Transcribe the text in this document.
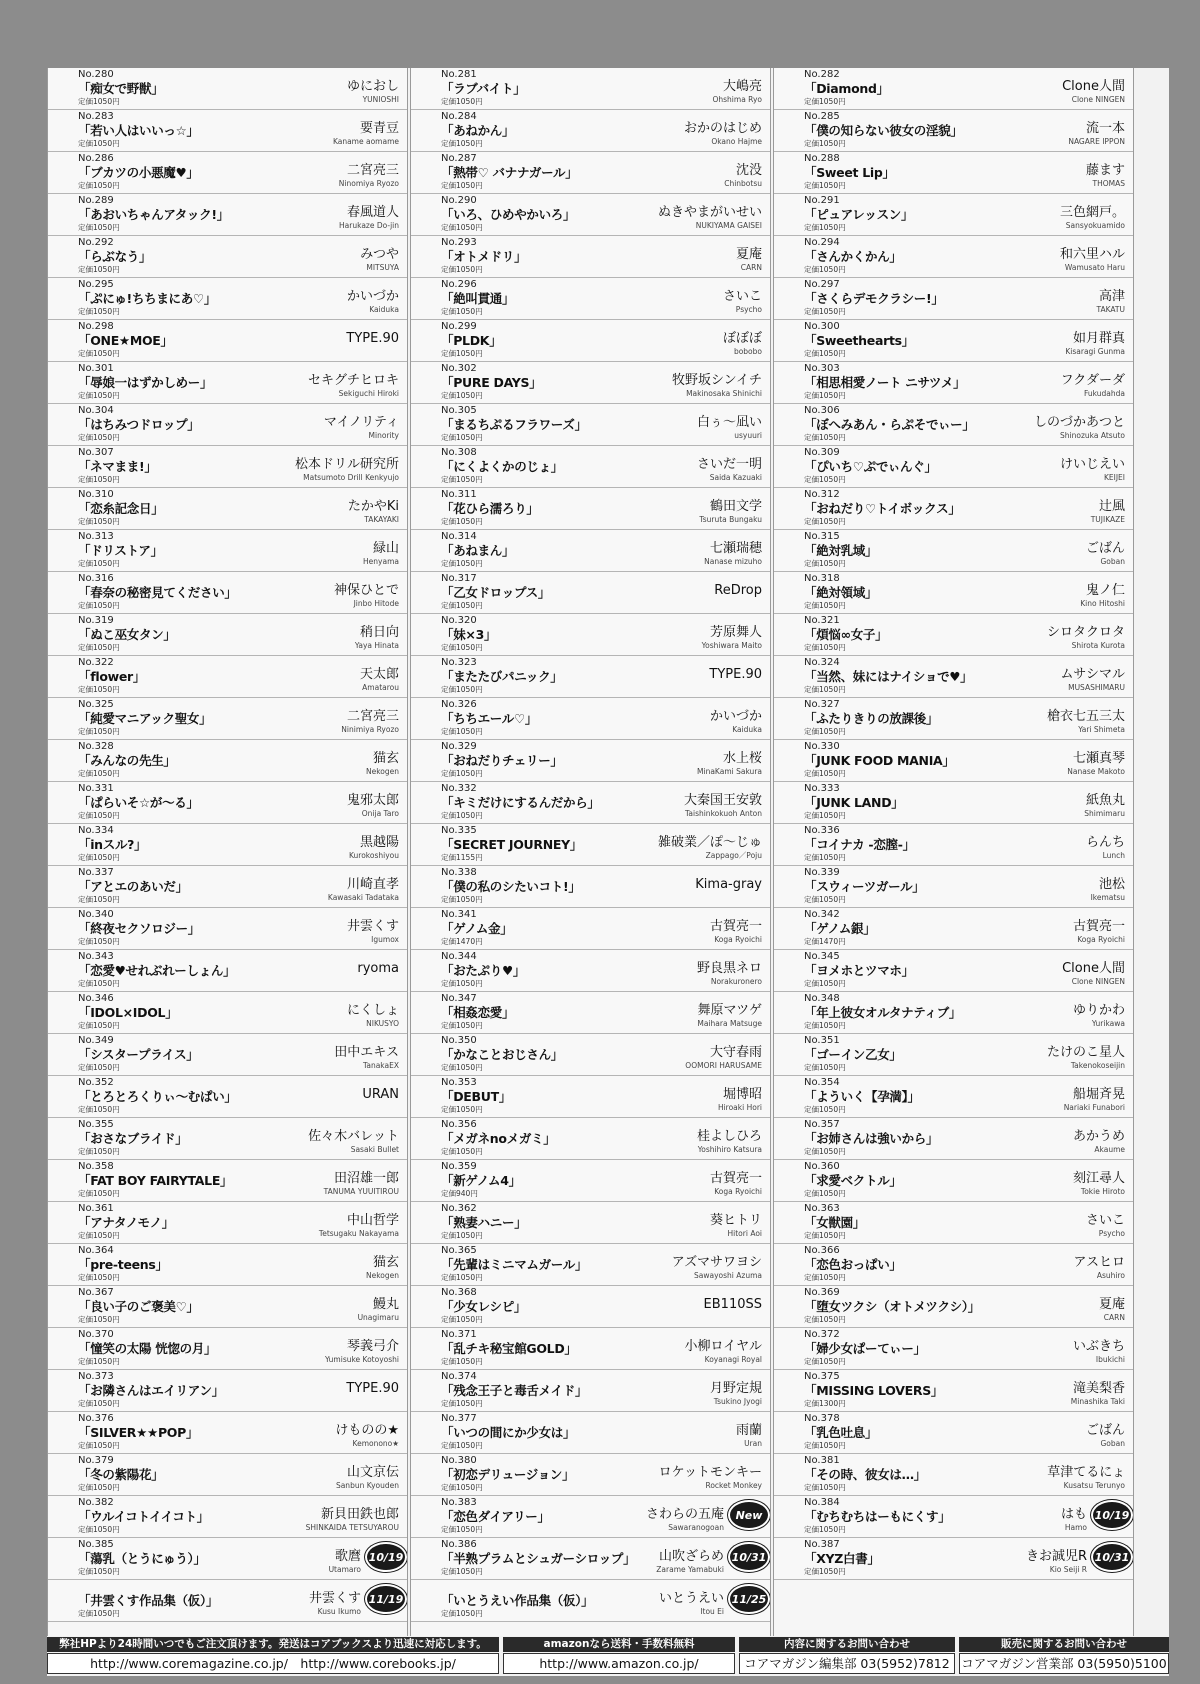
No.280
「痴女で野獣」
定価1050円
ゆにおし
YUNIOSHI
No.283
「若い人はいいっ☆」
定価1050円
要青豆
Kaname aomame
No.286
「ブカツの小悪魔♥」
定価1050円
二宮亮三
Ninomiya Ryozo
No.289
「あおいちゃんアタック!」
定価1050円
春風道人
Harukaze Do-jin
No.292
「らぶなう」
定価1050円
みつや
MITSUYA
No.295
「ぷにゅ!ちちまにあ♡」
定価1050円
かいづか
Kaiduka
No.298
「ONE★MOE」
定価1050円
TYPE.90
No.301
「辱娘一はずかしめー」
定価1050円
セキグチヒロキ
Sekiguchi Hiroki
No.304
「はちみつドロップ」
定価1050円
マイノリティ
Minority
No.307
「ネマまま!」
定価1050円
松本ドリル研究所
Matsumoto Drill Kenkyujo
No.310
「恋糸記念日」
定価1050円
たかやKi
TAKAYAKI
No.313
「ドリストア」
定価1050円
緑山
Henyama
No.316
「春奈の秘密見てください」
定価1050円
神保ひとで
Jinbo Hitode
No.319
「ぬこ巫女タン」
定価1050円
稍日向
Yaya Hinata
No.322
「flower」
定価1050円
天太郎
Amatarou
No.325
「純愛マニアック聖女」
定価1050円
二宮亮三
Ninimiya Ryozo
No.328
「みんなの先生」
定価1050円
猫玄
Nekogen
No.331
「ぱらいそ☆が～る」
定価1050円
鬼邪太郎
Onija Taro
No.334
「inスル?」
定価1050円
黒越陽
Kurokoshiyou
No.337
「アとエのあいだ」
定価1050円
川崎直孝
Kawasaki Tadataka
No.340
「終夜セクソロジー」
定価1050円
井雲くす
Igumox
No.343
「恋愛♥せれぶれーしょん」
定価1050円
ryoma
No.346
「IDOL×IDOL」
定価1050円
にくしょ
NIKUSYO
No.349
「シスタープライス」
定価1050円
田中エキス
TanakaEX
No.352
「とろとろくりぃ～むぱい」
定価1050円
URAN
No.355
「おさなブライド」
定価1050円
佐々木バレット
Sasaki Bullet
No.358
「FAT BOY FAIRYTALE」
定価1050円
田沼雄一郎
TANUMA YUUITIROU
No.361
「アナタノモノ」
定価1050円
中山哲学
Tetsugaku Nakayama
No.364
「pre-teens」
定価1050円
猫玄
Nekogen
No.367
「良い子のご褒美♡」
定価1050円
鰻丸
Unagimaru
No.370
「憧笑の太陽 恍惚の月」
定価1050円
琴義弓介
Yumisuke Kotoyoshi
No.373
「お隣さんはエイリアン」
定価1050円
TYPE.90
No.376
「SILVER★★POP」
定価1050円
けものの★
Kemonono★
No.379
「冬の紫陽花」
定価1050円
山文京伝
Sanbun Kyouden
No.382
「ウルイコトイイコト」
定価1050円
新貝田鉄也郎
SHINKAIDA TETSUYAROU
No.385
「蕩乳（とうにゅう）」
定価1050円
歌麿
Utamaro
10/19
「井雲くす作品集（仮）」
定価1050円
井雲くす
Kusu Ikumo
11/19
No.281
「ラブバイト」
定価1050円
大嶋亮
Ohshima Ryo
No.284
「あねかん」
定価1050円
おかのはじめ
Okano Hajme
No.287
「熱帯♡ バナナガール」
定価1050円
沈没
Chinbotsu
No.290
「いろ、ひめやかいろ」
定価1050円
ぬきやまがいせい
NUKIYAMA GAISEI
No.293
「オトメドリ」
定価1050円
夏庵
CARN
No.296
「絶叫貫通」
定価1050円
さいこ
Psycho
No.299
「PLDK」
定価1050円
ぼぼぼ
bobobo
No.302
「PURE DAYS」
定価1050円
牧野坂シンイチ
Makinosaka Shinichi
No.305
「まるちぷるフラワーズ」
定価1050円
白ぅ～凪い
usyuuri
No.308
「にくよくかのじょ」
定価1050円
さいだ一明
Saida Kazuaki
No.311
「花ひら濡ろり」
定価1050円
鶴田文学
Tsuruta Bungaku
No.314
「あねまん」
定価1050円
七瀬瑞穂
Nanase mizuho
No.317
「乙女ドロップス」
定価1050円
ReDrop
No.320
「妹×3」
定価1050円
芳原舞人
Yoshiwara Maito
No.323
「またたびパニック」
定価1050円
TYPE.90
No.326
「ちちエール♡」
定価1050円
かいづか
Kaiduka
No.329
「おねだりチェリー」
定価1050円
水上桜
MinaKami Sakura
No.332
「キミだけにするんだから」
定価1050円
大秦国王安敦
Taishinkokuoh Anton
No.335
「SECRET JOURNEY」
定価1155円
雑破業／ぽ～じゅ
Zappago／Poju
No.338
「僕の私のシたいコト!」
定価1050円
Kima-gray
No.341
「ゲノム金」
定価1470円
古賀亮一
Koga Ryoichi
No.344
「おたぷり♥」
定価1050円
野良黒ネロ
Norakuronero
No.347
「相姦恋愛」
定価1050円
舞原マツゲ
Maihara Matsuge
No.350
「かなことおじさん」
定価1050円
大守春雨
OOMORI HARUSAME
No.353
「DEBUT」
定価1050円
堀博昭
Hiroaki Hori
No.356
「メガネnoメガミ」
定価1050円
桂よしひろ
Yoshihiro Katsura
No.359
「新ゲノム4」
定価940円
古賀亮一
Koga Ryoichi
No.362
「熟妻ハニー」
定価1050円
葵ヒトリ
Hitori Aoi
No.365
「先輩はミニマムガール」
定価1050円
アズマサワヨシ
Sawayoshi Azuma
No.368
「少女レシピ」
定価1050円
EB110SS
No.371
「乱チキ秘宝館GOLD」
定価1050円
小柳ロイヤル
Koyanagi Royal
No.374
「残念王子と毒舌メイド」
定価1050円
月野定規
Tsukino Jyogi
No.377
「いつの間にか少女は」
定価1050円
雨蘭
Uran
No.380
「初恋デリュージョン」
定価1050円
ロケットモンキー
Rocket Monkey
No.383
「恋色ダイアリー」
定価1050円
さわらの五庵
Sawaranogoan
New
No.386
「半熟プラムとシュガーシロップ」
定価1050円
山吹ざらめ
Zarame Yamabuki
10/31
「いとうえい作品集（仮）」
定価1050円
いとうえい
Itou Ei
11/25
No.282
「Diamond」
定価1050円
Clone人間
Clone NINGEN
No.285
「僕の知らない彼女の淫貌」
定価1050円
流一本
NAGARE IPPON
No.288
「Sweet Lip」
定価1050円
藤ます
THOMAS
No.291
「ピュアレッスン」
定価1050円
三色網戸。
Sansyokuamido
No.294
「さんかくかん」
定価1050円
和六里ハル
Wamusato Haru
No.297
「さくらデモクラシー!」
定価1050円
高津
TAKATU
No.300
「Sweethearts」
定価1050円
如月群真
Kisaragi Gunma
No.303
「相思相愛ノート ニサツメ」
定価1050円
フクダーダ
Fukudahda
No.306
「ぼへみあん・らぷそでぃー」
定価1050円
しのづかあつと
Shinozuka Atsuto
No.309
「ぴいち♡ぷでぃんぐ」
定価1050円
けいじえい
KEIJEI
No.312
「おねだり♡トイボックス」
定価1050円
辻風
TUJIKAZE
No.315
「絶対乳域」
定価1050円
ごばん
Goban
No.318
「絶対領域」
定価1050円
鬼ノ仁
Kino Hitoshi
No.321
「煩悩∞女子」
定価1050円
シロタクロタ
Shirota Kurota
No.324
「当然、妹にはナイショで♥」
定価1050円
ムサシマル
MUSASHIMARU
No.327
「ふたりきりの放課後」
定価1050円
槍衣七五三太
Yari Shimeta
No.330
「JUNK FOOD MANIA」
定価1050円
七瀬真琴
Nanase Makoto
No.333
「JUNK LAND」
定価1050円
紙魚丸
Shimimaru
No.336
「コイナカ -恋膣-」
定価1050円
らんち
Lunch
No.339
「スウィーツガール」
定価1050円
池松
Ikematsu
No.342
「ゲノム銀」
定価1470円
古賀亮一
Koga Ryoichi
No.345
「ヨメホとツマホ」
定価1050円
Clone人間
Clone NINGEN
No.348
「年上彼女オルタナティブ」
定価1050円
ゆりかわ
Yurikawa
No.351
「ゴーイン乙女」
定価1050円
たけのこ星人
Takenokoseijin
No.354
「よういく【孕満】」
定価1050円
船堀斉晃
Nariaki Funabori
No.357
「お姉さんは強いから」
定価1050円
あかうめ
Akaume
No.360
「求愛ベクトル」
定価1050円
刻江尋人
Tokie Hiroto
No.363
「女獣園」
定価1050円
さいこ
Psycho
No.366
「恋色おっぱい」
定価1050円
アスヒロ
Asuhiro
No.369
「堕女ツクシ（オトメツクシ）」
定価1050円
夏庵
CARN
No.372
「婦少女ぱーてぃー」
定価1050円
いぶきち
Ibukichi
No.375
「MISSING LOVERS」
定価1300円
滝美梨香
Minashika Taki
No.378
「乳色吐息」
定価1050円
ごばん
Goban
No.381
「その時、彼女は…」
定価1050円
草津てるにょ
Kusatsu Terunyo
No.384
「むちむちはーもにくす」
定価1050円
はも
Hamo
10/19
No.387
「XYZ白書」
定価1050円
きお誠児R
Kio Seiji R
10/31
弊社HPより24時間いつでもご注文頂けます。発送はコアブックスより迅速に対応します。
http://www.coremagazine.co.jp/　http://www.corebooks.jp/
amazonなら送料・手数料無料
http://www.amazon.co.jp/
内容に関するお問い合わせ
コアマガジン編集部 03(5952)7812
販売に関するお問い合わせ
コアマガジン営業部 03(5950)5100
